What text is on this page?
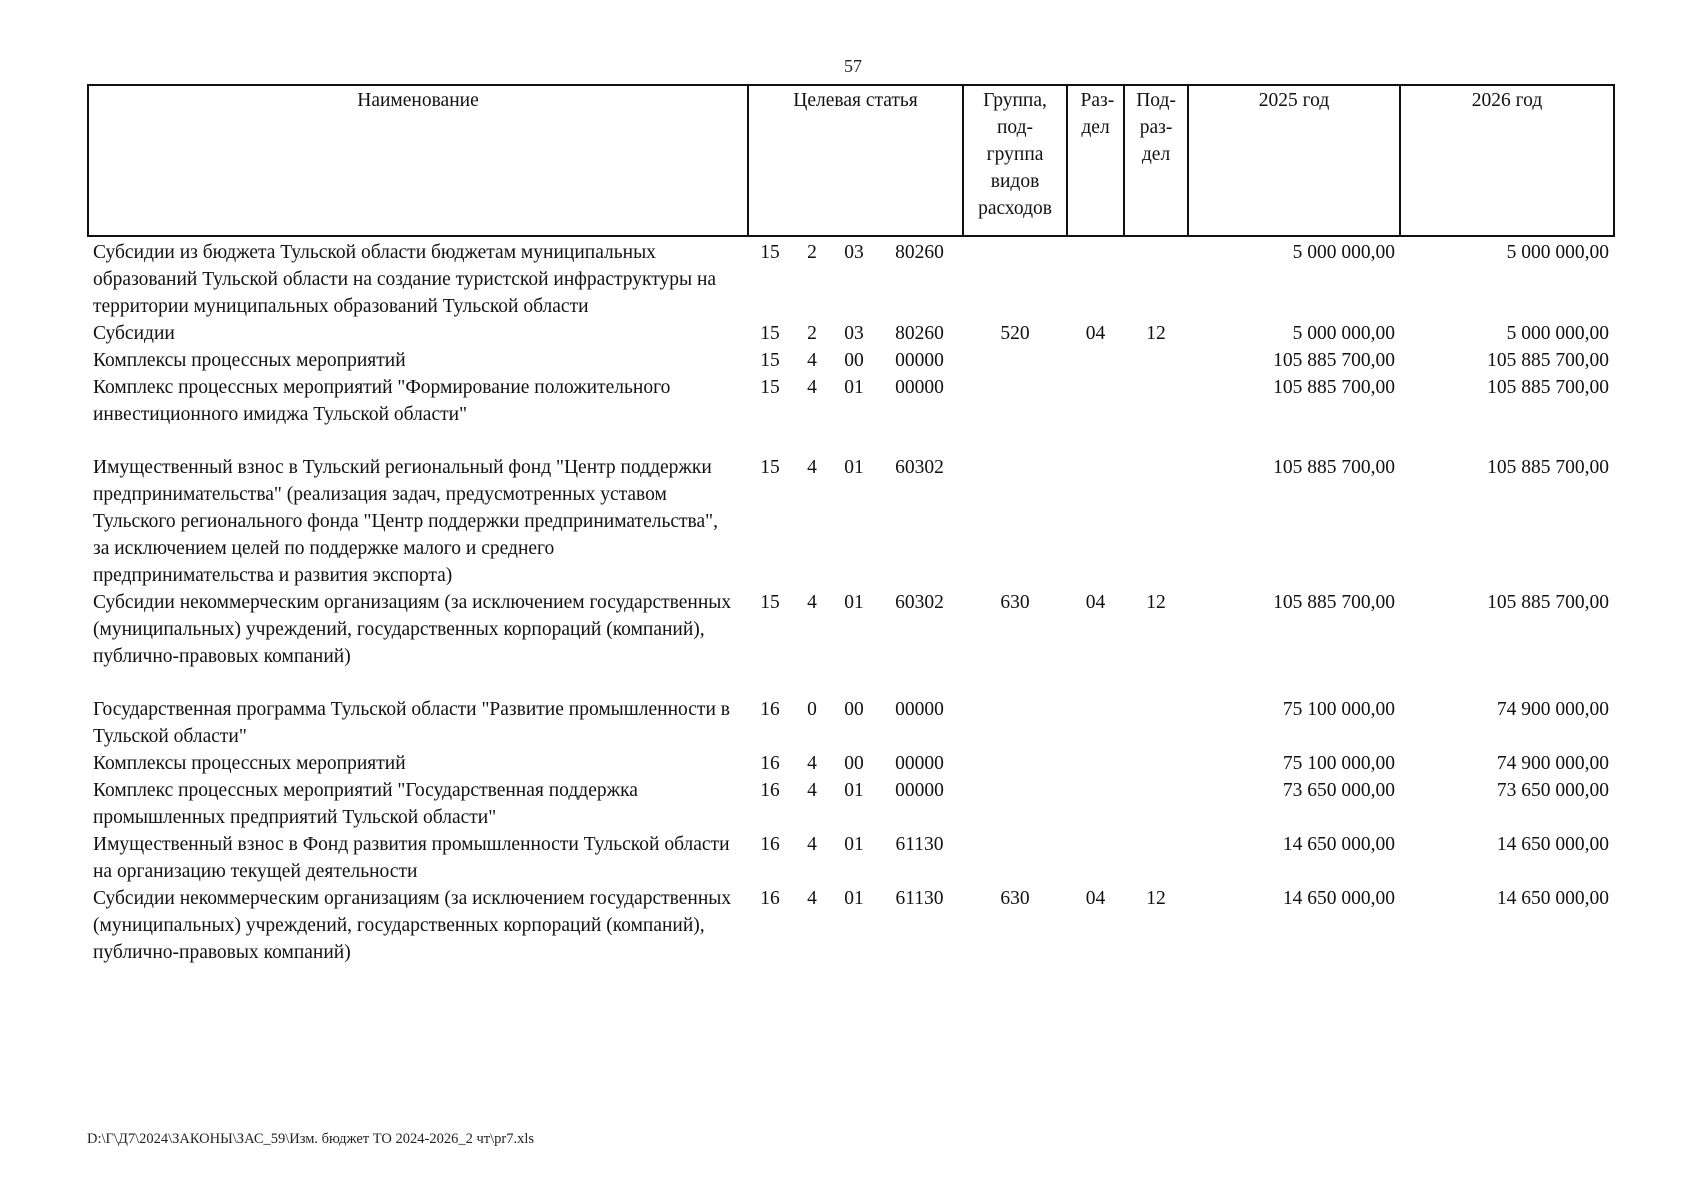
57
Наименование	Целевая статья				Группа, под-группа видов расходов	Раз-дел	Под-раз-дел	2025 год	2026 год
Субсидии из бюджета Тульской области бюджетам муниципальных образований Тульской области на создание туристской инфраструктуры на территории муниципальных образований Тульской области	15	2	03	80260				5 000 000,00	5 000 000,00
Субсидии	15	2	03	80260	520	04	12	5 000 000,00	5 000 000,00
Комплексы процессных мероприятий	15	4	00	00000				105 885 700,00	105 885 700,00
Комплекс процессных мероприятий "Формирование положительного инвестиционного имиджа Тульской области"	15	4	01	00000				105 885 700,00	105 885 700,00
Имущественный взнос в Тульский региональный фонд "Центр поддержки предпринимательства" (реализация задач, предусмотренных уставом Тульского регионального фонда "Центр поддержки предпринимательства", за исключением целей по поддержке малого и среднего предпринимательства и развития экспорта)	15	4	01	60302				105 885 700,00	105 885 700,00
Субсидии некоммерческим организациям (за исключением государственных (муниципальных) учреждений, государственных корпораций (компаний), публично-правовых компаний)	15	4	01	60302	630	04	12	105 885 700,00	105 885 700,00
Государственная программа Тульской области "Развитие промышленности в Тульской области"	16	0	00	00000				75 100 000,00	74 900 000,00
Комплексы процессных мероприятий	16	4	00	00000				75 100 000,00	74 900 000,00
Комплекс процессных мероприятий "Государственная поддержка промышленных предприятий Тульской области"	16	4	01	00000				73 650 000,00	73 650 000,00
Имущественный взнос в Фонд развития промышленности Тульской области на организацию текущей деятельности	16	4	01	61130				14 650 000,00	14 650 000,00
Субсидии некоммерческим организациям (за исключением государственных (муниципальных) учреждений, государственных корпораций (компаний), публично-правовых компаний)	16	4	01	61130	630	04	12	14 650 000,00	14 650 000,00
D:\Г\Д7\2024\ЗАКОНЫ\ЗАС_59\Изм. бюджет ТО 2024-2026_2 чт\pr7.xls
